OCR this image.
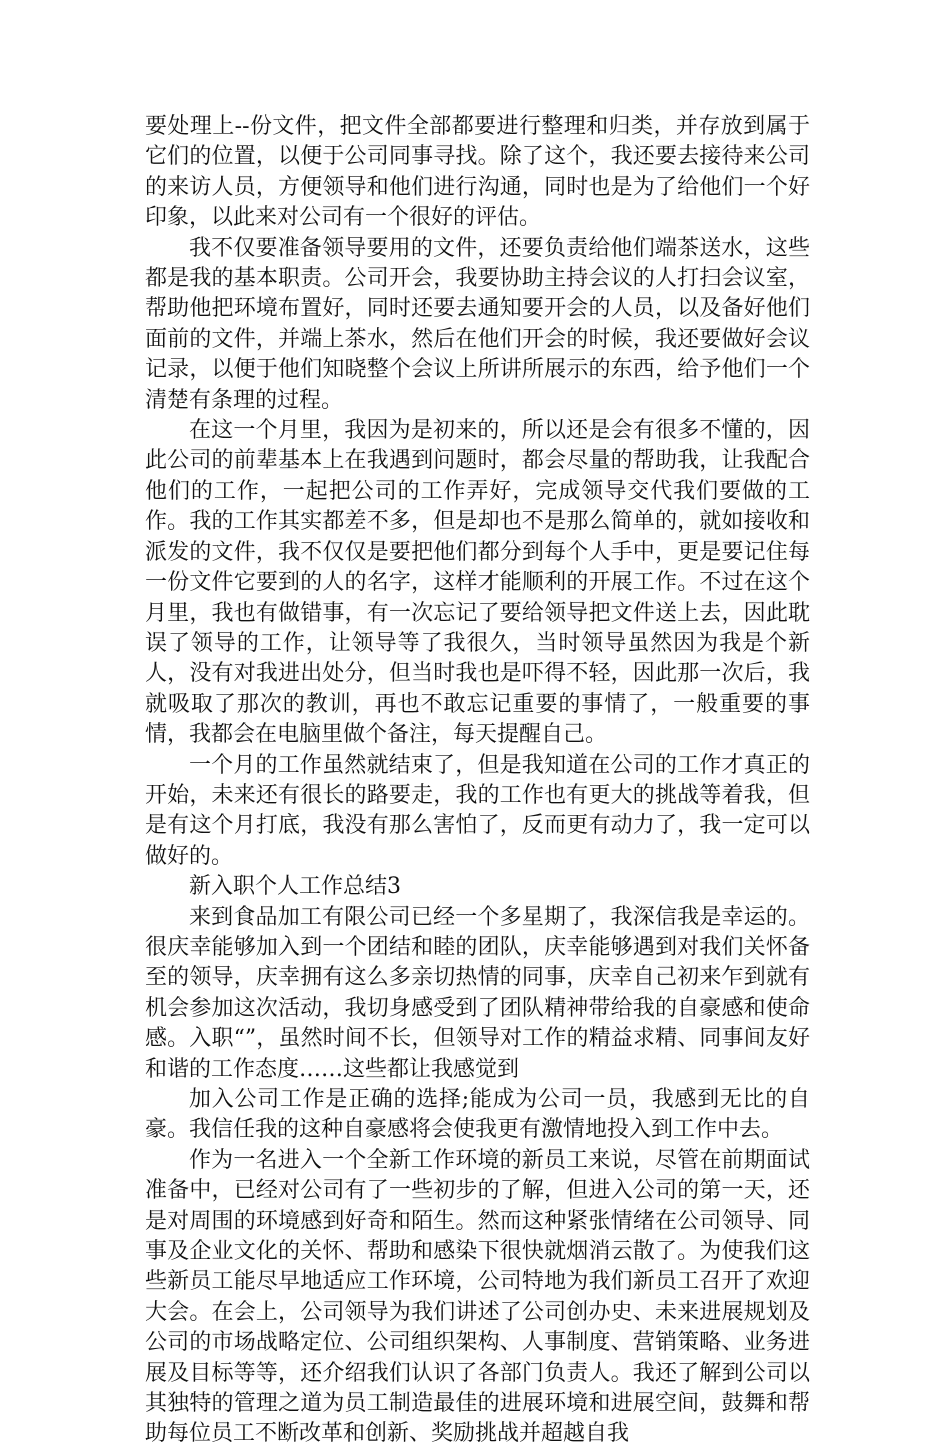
要处理上--份文件，把文件全部都要进行整理和归类，并存放到属于它们的位置，以便于公司同事寻找。除了这个，我还要去接待来公司的来访人员，方便领导和他们进行沟通，同时也是为了给他们一个好印象，以此来对公司有一个很好的评估。

我不仅要准备领导要用的文件，还要负责给他们端茶送水，这些都是我的基本职责。公司开会，我要协助主持会议的人打扫会议室，帮助他把环境布置好，同时还要去通知要开会的人员，以及备好他们面前的文件，并端上茶水，然后在他们开会的时候，我还要做好会议记录，以便于他们知晓整个会议上所讲所展示的东西，给予他们一个清楚有条理的过程。

在这一个月里，我因为是初来的，所以还是会有很多不懂的，因此公司的前辈基本上在我遇到问题时，都会尽量的帮助我，让我配合他们的工作，一起把公司的工作弄好，完成领导交代我们要做的工作。我的工作其实都差不多，但是却也不是那么简单的，就如接收和派发的文件，我不仅仅是要把他们都分到每个人手中，更是要记住每一份文件它要到的人的名字，这样才能顺利的开展工作。不过在这个月里，我也有做错事，有一次忘记了要给领导把文件送上去，因此耽误了领导的工作，让领导等了我很久，当时领导虽然因为我是个新人，没有对我进出处分，但当时我也是吓得不轻，因此那一次后，我就吸取了那次的教训，再也不敢忘记重要的事情了，一般重要的事情，我都会在电脑里做个备注，每天提醒自己。

一个月的工作虽然就结束了，但是我知道在公司的工作才真正的开始，未来还有很长的路要走，我的工作也有更大的挑战等着我，但是有这个月打底，我没有那么害怕了，反而更有动力了，我一定可以做好的。

新入职个人工作总结3

来到食品加工有限公司已经一个多星期了，我深信我是幸运的。很庆幸能够加入到一个团结和睦的团队，庆幸能够遇到对我们关怀备至的领导，庆幸拥有这么多亲切热情的同事，庆幸自己初来乍到就有机会参加这次活动，我切身感受到了团队精神带给我的自豪感和使命感。入职“”，虽然时间不长，但领导对工作的精益求精、同事间友好和谐的工作态度……这些都让我感觉到

加入公司工作是正确的选择;能成为公司一员，我感到无比的自豪。我信任我的这种自豪感将会使我更有激情地投入到工作中去。

作为一名进入一个全新工作环境的新员工来说，尽管在前期面试准备中，已经对公司有了一些初步的了解，但进入公司的第一天，还是对周围的环境感到好奇和陌生。然而这种紧张情绪在公司领导、同事及企业文化的关怀、帮助和感染下很快就烟消云散了。为使我们这些新员工能尽早地适应工作环境，公司特地为我们新员工召开了欢迎大会。在会上，公司领导为我们讲述了公司创办史、未来进展规划及公司的市场战略定位、公司组织架构、人事制度、营销策略、业务进展及目标等等，还介绍我们认识了各部门负责人。我还了解到公司以其独特的管理之道为员工制造最佳的进展环境和进展空间，鼓舞和帮助每位员工不断改革和创新、奖励挑战并超越自我
